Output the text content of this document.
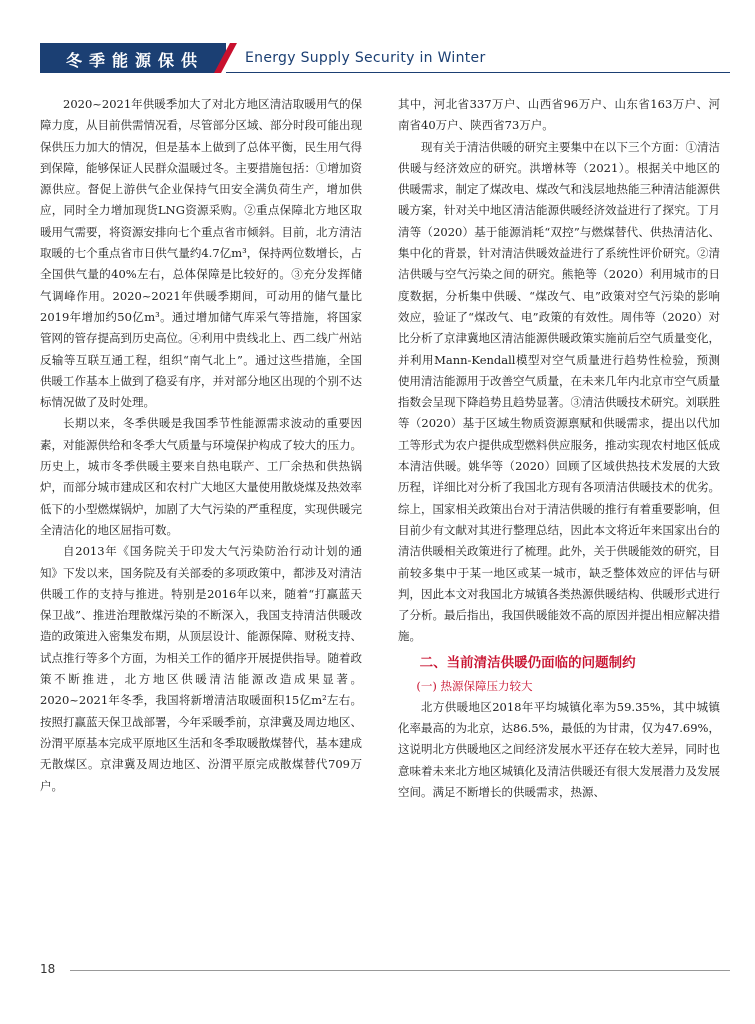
冬季能源保供	Energy Supply Security in Winter

2020~2021年供暖季加大了对北方地区清洁取暖用气的保障力度，从目前供需情况看，尽管部分区域、部分时段可能出现保供压力加大的情况，但是基本上做到了总体平衡，民生用气得到保障，能够保证人民群众温暖过冬。主要措施包括：①增加资源供应。督促上游供气企业保持气田安全满负荷生产，增加供应，同时全力增加现货LNG资源采购。②重点保障北方地区取暖用气需要，将资源安排向七个重点省市倾斜。目前，北方清洁取暖的七个重点省市日供气量约4.7亿m³，保持两位数增长，占全国供气量的40%左右，总体保障是比较好的。③充分发挥储气调峰作用。2020~2021年供暖季期间，可动用的储气量比2019年增加约50亿m³。通过增加储气库采气等措施，将国家管网的管存提高到历史高位。④利用中贵线北上、西二线广州站反输等互联互通工程，组织“南气北上”。通过这些措施，全国供暖工作基本上做到了稳妥有序，并对部分地区出现的个别不达标情况做了及时处理。

长期以来，冬季供暖是我国季节性能源需求波动的重要因素，对能源供给和冬季大气质量与环境保护构成了较大的压力。历史上，城市冬季供暖主要来自热电联产、工厂余热和供热锅炉，而部分城市建成区和农村广大地区大量使用散烧煤及热效率低下的小型燃煤锅炉，加剧了大气污染的严重程度，实现供暖完全清洁化的地区屈指可数。

自2013年《国务院关于印发大气污染防治行动计划的通知》下发以来，国务院及有关部委的多项政策中，都涉及对清洁供暖工作的支持与推进。特别是2016年以来，随着“打赢蓝天保卫战”、推进治理散煤污染的不断深入，我国支持清洁供暖改造的政策进入密集发布期，从顶层设计、能源保障、财税支持、试点推行等多个方面，为相关工作的循序开展提供指导。随着政策不断推进，北方地区供暖清洁能源改造成果显著。2020~2021年冬季，我国将新增清洁取暖面积15亿m²左右。按照打赢蓝天保卫战部署，今年采暖季前，京津冀及周边地区、汾渭平原基本完成平原地区生活和冬季取暖散煤替代，基本建成无散煤区。京津冀及周边地区、汾渭平原完成散煤替代709万户。

其中，河北省337万户、山西省96万户、山东省163万户、河南省40万户、陕西省73万户。

现有关于清洁供暖的研究主要集中在以下三个方面：①清洁供暖与经济效应的研究。洪增林等（2021）。根据关中地区的供暖需求，制定了煤改电、煤改气和浅层地热能三种清洁能源供暖方案，针对关中地区清洁能源供暖经济效益进行了探究。丁月清等（2020）基于能源消耗“双控”与燃煤替代、供热清洁化、集中化的背景，针对清洁供暖效益进行了系统性评价研究。②清洁供暖与空气污染之间的研究。熊艳等（2020）利用城市的日度数据，分析集中供暖、“煤改气、电”政策对空气污染的影响效应，验证了“煤改气、电”政策的有效性。周伟等（2020）对比分析了京津冀地区清洁能源供暖政策实施前后空气质量变化，并利用Mann-Kendall模型对空气质量进行趋势性检验，预测使用清洁能源用于改善空气质量，在未来几年内北京市空气质量指数会呈现下降趋势且趋势显著。③清洁供暖技术研究。刘联胜等（2020）基于区域生物质资源禀赋和供暖需求，提出以代加工等形式为农户提供成型燃料供应服务，推动实现农村地区低成本清洁供暖。姚华等（2020）回顾了区域供热技术发展的大致历程，详细比对分析了我国北方现有各项清洁供暖技术的优劣。综上，国家相关政策出台对于清洁供暖的推行有着重要影响，但目前少有文献对其进行整理总结，因此本文将近年来国家出台的清洁供暖相关政策进行了梳理。此外，关于供暖能效的研究，目前较多集中于某一地区或某一城市，缺乏整体效应的评估与研判，因此本文对我国北方城镇各类热源供暖结构、供暖形式进行了分析。最后指出，我国供暖能效不高的原因并提出相应解决措施。

二、当前清洁供暖仍面临的问题制约
(一) 热源保障压力较大

北方供暖地区2018年平均城镇化率为59.35%，其中城镇化率最高的为北京，达86.5%，最低的为甘肃，仅为47.69%，这说明北方供暖地区之间经济发展水平还存在较大差异，同时也意味着未来北方地区城镇化及清洁供暖还有很大发展潜力及发展空间。满足不断增长的供暖需求，热源、

18
